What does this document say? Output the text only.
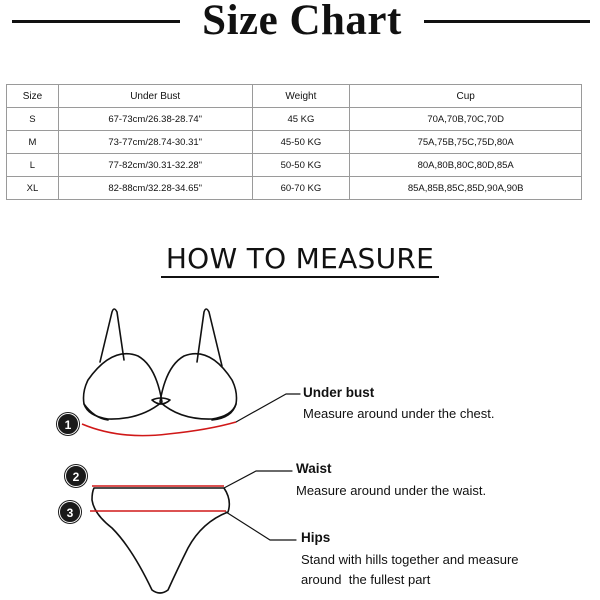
Size Chart
Size	Under Bust	Weight	Cup
S	67-73cm/26.38-28.74"	45 KG	70A,70B,70C,70D
M	73-77cm/28.74-30.31"	45-50 KG	75A,75B,75C,75D,80A
L	77-82cm/30.31-32.28"	50-50 KG	80A,80B,80C,80D,85A
XL	82-88cm/32.28-34.65"	60-70 KG	85A,85B,85C,85D,90A,90B
HOW TO MEASURE
1
2
3
Under bust
Measure around under the chest.
Waist
Measure around under the waist.
Hips
Stand with hills together and measure
around  the fullest part
